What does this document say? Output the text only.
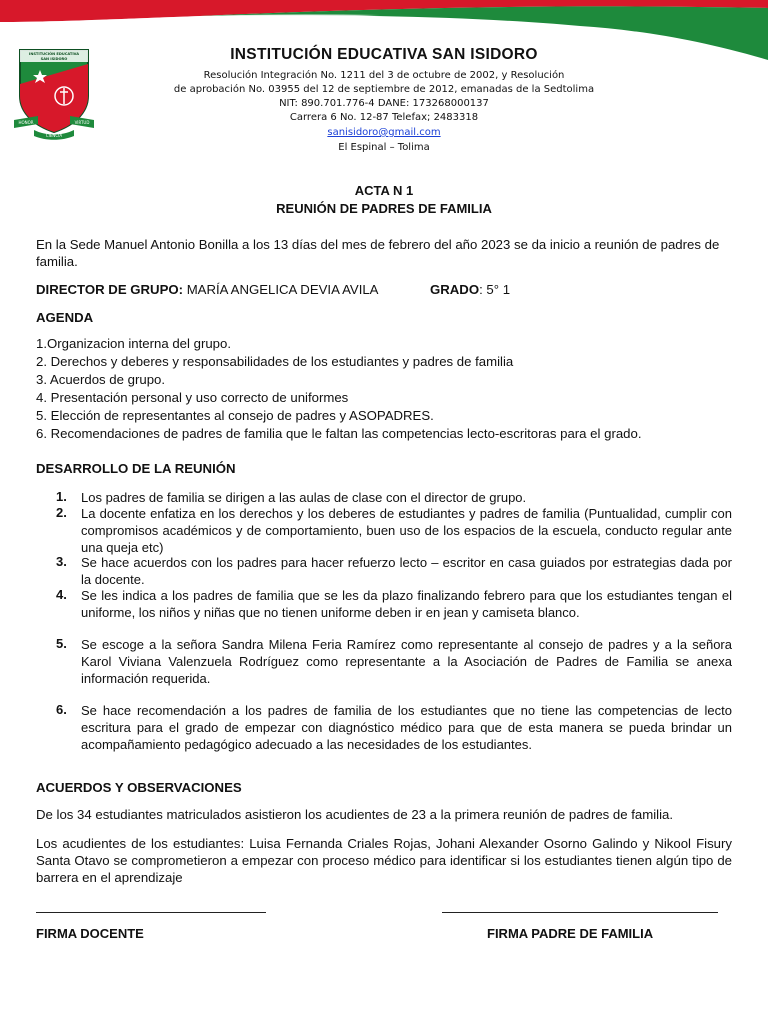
INSTITUCIÓN EDUCATIVA
SAN ISIDORO
HONOR	VIRTUD
CIENCIA
INSTITUCIÓN EDUCATIVA SAN ISIDORO
Resolución Integración No. 1211 del 3 de octubre de 2002, y Resolución
de aprobación No. 03955 del 12 de septiembre de 2012, emanadas de la Sedtolima
NIT: 890.701.776-4 DANE: 173268000137
Carrera 6 No. 12-87 Telefax; 2483318
sanisidoro@gmail.com
El Espinal – Tolima
ACTA N 1
REUNIÓN DE PADRES DE FAMILIA
En la Sede Manuel Antonio Bonilla a los 13 días del mes de febrero del año 2023 se da inicio a reunión de padres de familia.
DIRECTOR DE GRUPO: MARÍA ANGELICA DEVIA AVILA	GRADO: 5° 1
AGENDA
1.Organizacion interna del grupo.
2. Derechos y deberes y responsabilidades de los estudiantes y padres de familia
3. Acuerdos de grupo.
4. Presentación personal y uso correcto de uniformes
5. Elección de representantes al consejo de padres y ASOPADRES.
6. Recomendaciones de padres de familia que le faltan las competencias lecto-escritoras para el grado.
DESARROLLO DE LA REUNIÓN
1. Los padres de familia se dirigen a las aulas de clase con el director de grupo.
2. La docente enfatiza en los derechos y los deberes de estudiantes y padres de familia (Puntualidad, cumplir con compromisos académicos y de comportamiento, buen uso de los espacios de la escuela, conducto regular ante una queja etc)
3. Se hace acuerdos con los padres para hacer refuerzo lecto – escritor en casa guiados por estrategias dada por la docente.
4. Se les indica a los padres de familia que se les da plazo finalizando febrero para que los estudiantes tengan el uniforme, los niños y niñas que no tienen uniforme deben ir en jean y camiseta blanco.
5. Se escoge a la señora Sandra Milena Feria Ramírez como representante al consejo de padres y a la señora Karol Viviana Valenzuela Rodríguez como representante a la Asociación de Padres de Familia se anexa información requerida.
6. Se hace recomendación a los padres de familia de los estudiantes que no tiene las competencias de lecto escritura para el grado de empezar con diagnóstico médico para que de esta manera se pueda brindar un acompañamiento pedagógico adecuado a las necesidades de los estudiantes.
ACUERDOS Y OBSERVACIONES
De los 34 estudiantes matriculados asistieron los acudientes de 23 a la primera reunión de padres de familia.
Los acudientes de los estudiantes: Luisa Fernanda Criales Rojas, Johani Alexander Osorno Galindo y Nikool Fisury Santa Otavo se comprometieron a empezar con proceso médico para identificar si los estudiantes tienen algún tipo de barrera en el aprendizaje
FIRMA DOCENTE	FIRMA PADRE DE FAMILIA
